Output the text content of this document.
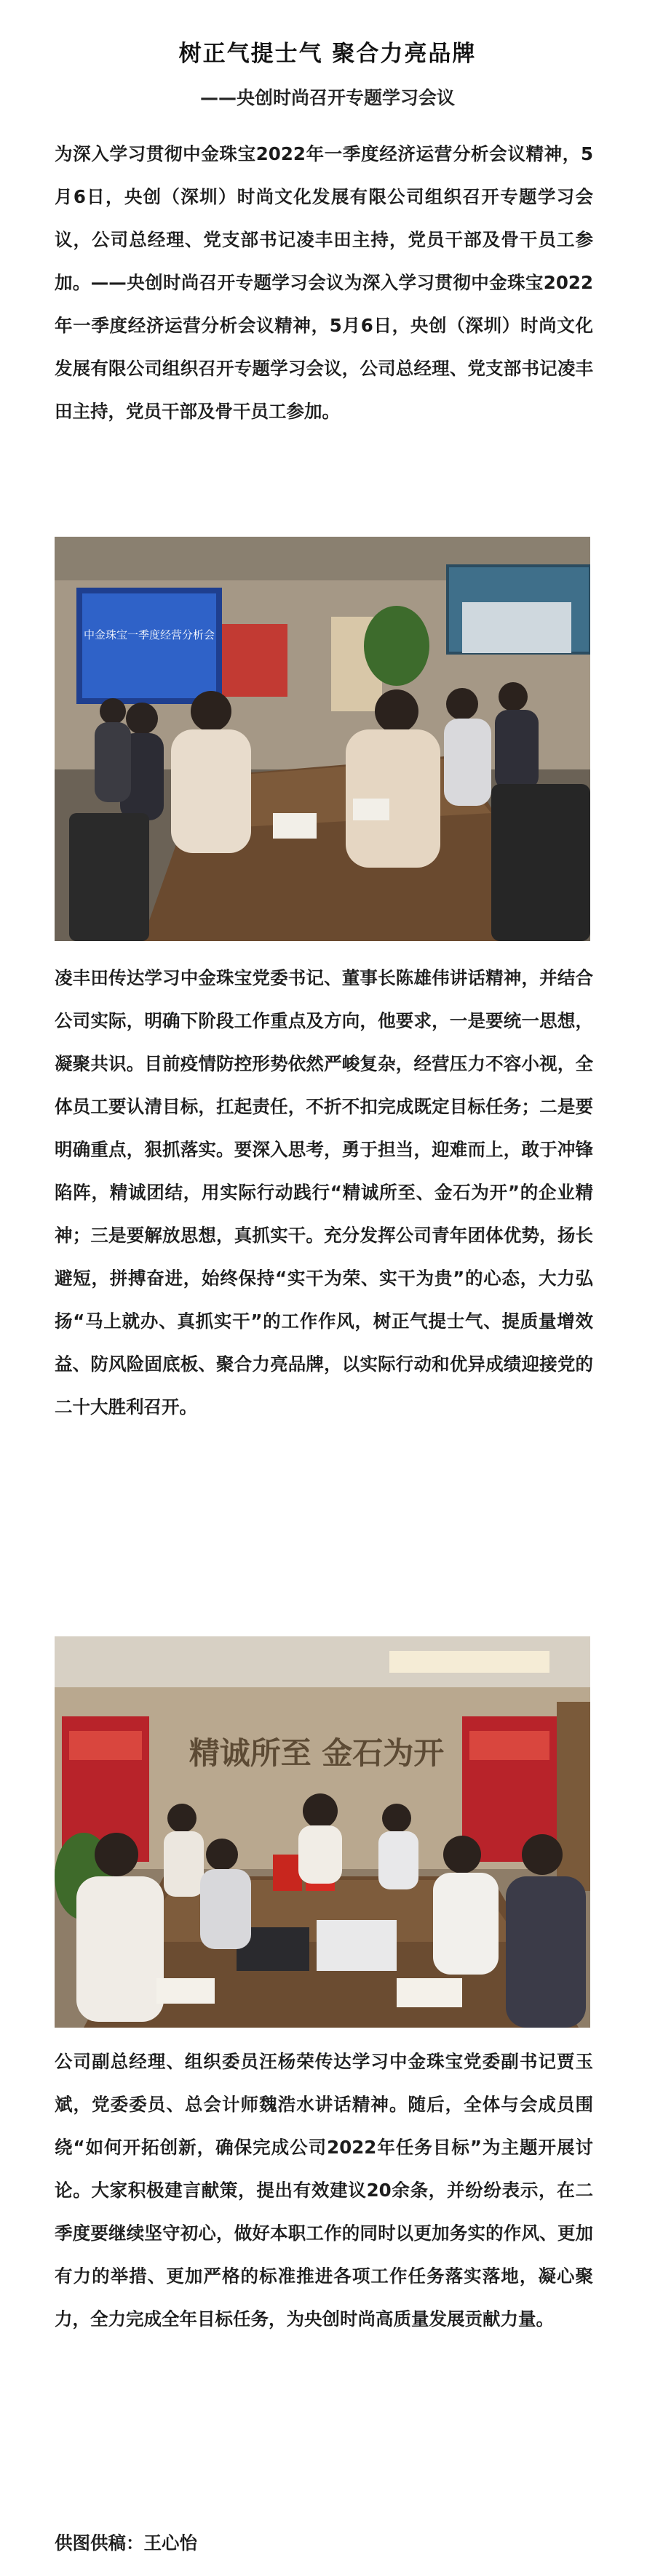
树正气提士气 聚合力亮品牌
——央创时尚召开专题学习会议

为深入学习贯彻中金珠宝2022年一季度经济运营分析会议精神，5月6日，央创（深圳）时尚文化发展有限公司组织召开专题学习会议，公司总经理、党支部书记凌丰田主持，党员干部及骨干员工参加。——央创时尚召开专题学习会议为深入学习贯彻中金珠宝2022年一季度经济运营分析会议精神，5月6日，央创（深圳）时尚文化发展有限公司组织召开专题学习会议，公司总经理、党支部书记凌丰田主持，党员干部及骨干员工参加。

中金珠宝一季度经营分析会

凌丰田传达学习中金珠宝党委书记、董事长陈雄伟讲话精神，并结合公司实际，明确下阶段工作重点及方向，他要求，一是要统一思想，凝聚共识。目前疫情防控形势依然严峻复杂，经营压力不容小视，全体员工要认清目标，扛起责任，不折不扣完成既定目标任务；二是要明确重点，狠抓落实。要深入思考，勇于担当，迎难而上，敢于冲锋陷阵，精诚团结，用实际行动践行“精诚所至、金石为开”的企业精神；三是要解放思想，真抓实干。充分发挥公司青年团体优势，扬长避短，拼搏奋进，始终保持“实干为荣、实干为贵”的心态，大力弘扬“马上就办、真抓实干”的工作作风，树正气提士气、提质量增效益、防风险固底板、聚合力亮品牌，以实际行动和优异成绩迎接党的二十大胜利召开。

精诚所至 金石为开

公司副总经理、组织委员汪杨荣传达学习中金珠宝党委副书记贾玉斌，党委委员、总会计师魏浩水讲话精神。随后，全体与会成员围绕“如何开拓创新，确保完成公司2022年任务目标”为主题开展讨论。大家积极建言献策，提出有效建议20余条，并纷纷表示，在二季度要继续坚守初心，做好本职工作的同时以更加务实的作风、更加有力的举措、更加严格的标准推进各项工作任务落实落地，凝心聚力，全力完成全年目标任务，为央创时尚高质量发展贡献力量。

供图供稿：王心怡
